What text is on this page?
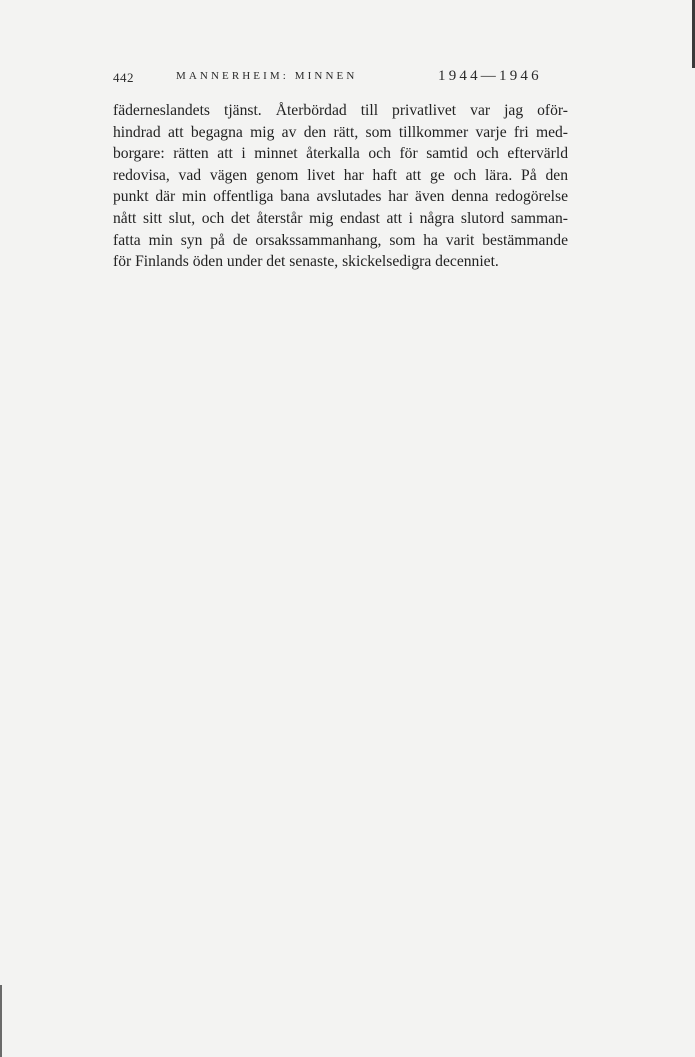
442	MANNERHEIM: MINNEN	1944—1946

fäderneslandets tjänst. Återbördad till privatlivet var jag oför-
hindrad att begagna mig av den rätt, som tillkommer varje fri med-
borgare: rätten att i minnet återkalla och för samtid och eftervärld
redovisa, vad vägen genom livet har haft att ge och lära. På den
punkt där min offentliga bana avslutades har även denna redogörelse
nått sitt slut, och det återstår mig endast att i några slutord samman-
fatta min syn på de orsakssammanhang, som ha varit bestämmande
för Finlands öden under det senaste, skickelsedigra decenniet.
